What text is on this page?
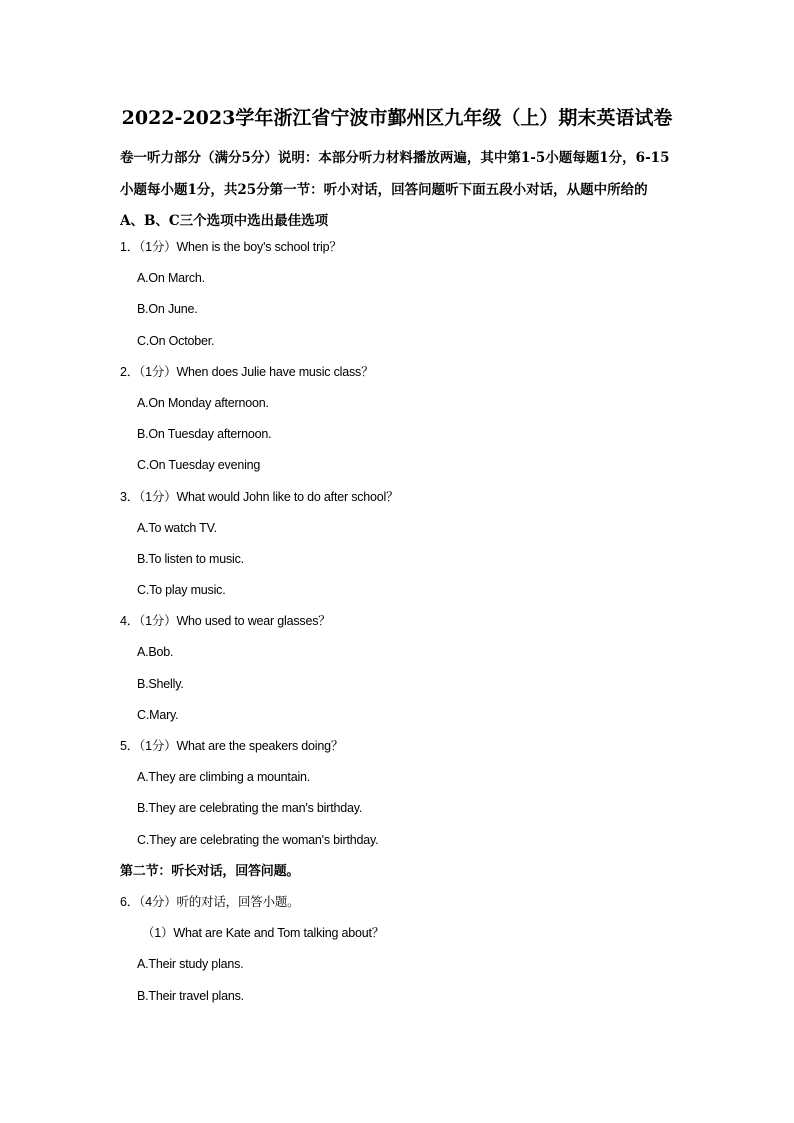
2022-2023学年浙江省宁波市鄞州区九年级（上）期末英语试卷
卷一听力部分（满分5分）说明：本部分听力材料播放两遍，其中第1-5小题每题1分，6-15
小题每小题1分，共25分第一节：听小对话，回答问题听下面五段小对话，从题中所给的
A、B、C三个选项中选出最佳选项
1．（1分）When is the boy's school trip？
A.On March.
B.On June.
C.On October.
2．（1分）When does Julie have music class？
A.On Monday afternoon.
B.On Tuesday afternoon.
C.On Tuesday evening
3．（1分）What would John like to do after school？
A.To watch TV.
B.To listen to music.
C.To play music.
4．（1分）Who used to wear glasses？
A.Bob.
B.Shelly.
C.Mary.
5．（1分）What are the speakers doing？
A.They are climbing a mountain.
B.They are celebrating the man's birthday.
C.They are celebrating the woman's birthday.
第二节：听长对话，回答问题。
6．（4分）听的对话，回答小题。
（1）What are Kate and Tom talking about？
A.Their study plans.
B.Their travel plans.
